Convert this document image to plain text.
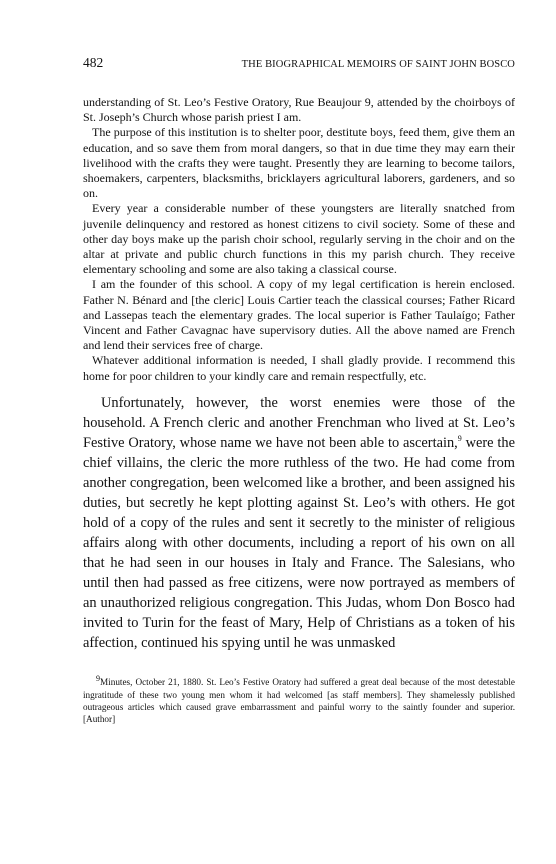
482	THE BIOGRAPHICAL MEMOIRS OF SAINT JOHN BOSCO

understanding of St. Leo’s Festive Oratory, Rue Beaujour 9, attended by the choirboys of St. Joseph’s Church whose parish priest I am.

The purpose of this institution is to shelter poor, destitute boys, feed them, give them an education, and so save them from moral dangers, so that in due time they may earn their livelihood with the crafts they were taught. Presently they are learning to become tailors, shoemakers, carpenters, blacksmiths, bricklayers agricultural laborers, gardeners, and so on.

Every year a considerable number of these youngsters are literally snatched from juvenile delinquency and restored as honest citizens to civil society. Some of these and other day boys make up the parish choir school, regularly serving in the choir and on the altar at private and public church functions in this my parish church. They receive elementary schooling and some are also taking a classical course.

I am the founder of this school. A copy of my legal certification is herein enclosed. Father N. Bénard and [the cleric] Louis Cartier teach the classical courses; Father Ricard and Lassepas teach the elementary grades. The local superior is Father Taulaígo; Father Vincent and Father Cavagnac have supervisory duties. All the above named are French and lend their services free of charge.

Whatever additional information is needed, I shall gladly provide. I recommend this home for poor children to your kindly care and remain respectfully, etc.

Unfortunately, however, the worst enemies were those of the household. A French cleric and another Frenchman who lived at St. Leo’s Festive Oratory, whose name we have not been able to ascertain,$^9$ were the chief villains, the cleric the more ruthless of the two. He had come from another congregation, been welcomed like a brother, and been assigned his duties, but secretly he kept plotting against St. Leo’s with others. He got hold of a copy of the rules and sent it secretly to the minister of religious affairs along with other documents, including a report of his own on all that he had seen in our houses in Italy and France. The Salesians, who until then had passed as free citizens, were now portrayed as members of an unauthorized religious congregation. This Judas, whom Don Bosco had invited to Turin for the feast of Mary, Help of Christians as a token of his affection, continued his spying until he was unmasked

$^9$Minutes, October 21, 1880. St. Leo’s Festive Oratory had suffered a great deal because of the most detestable ingratitude of these two young men whom it had welcomed [as staff members]. They shamelessly published outrageous articles which caused grave embarrassment and painful worry to the saintly founder and superior. [Author]
